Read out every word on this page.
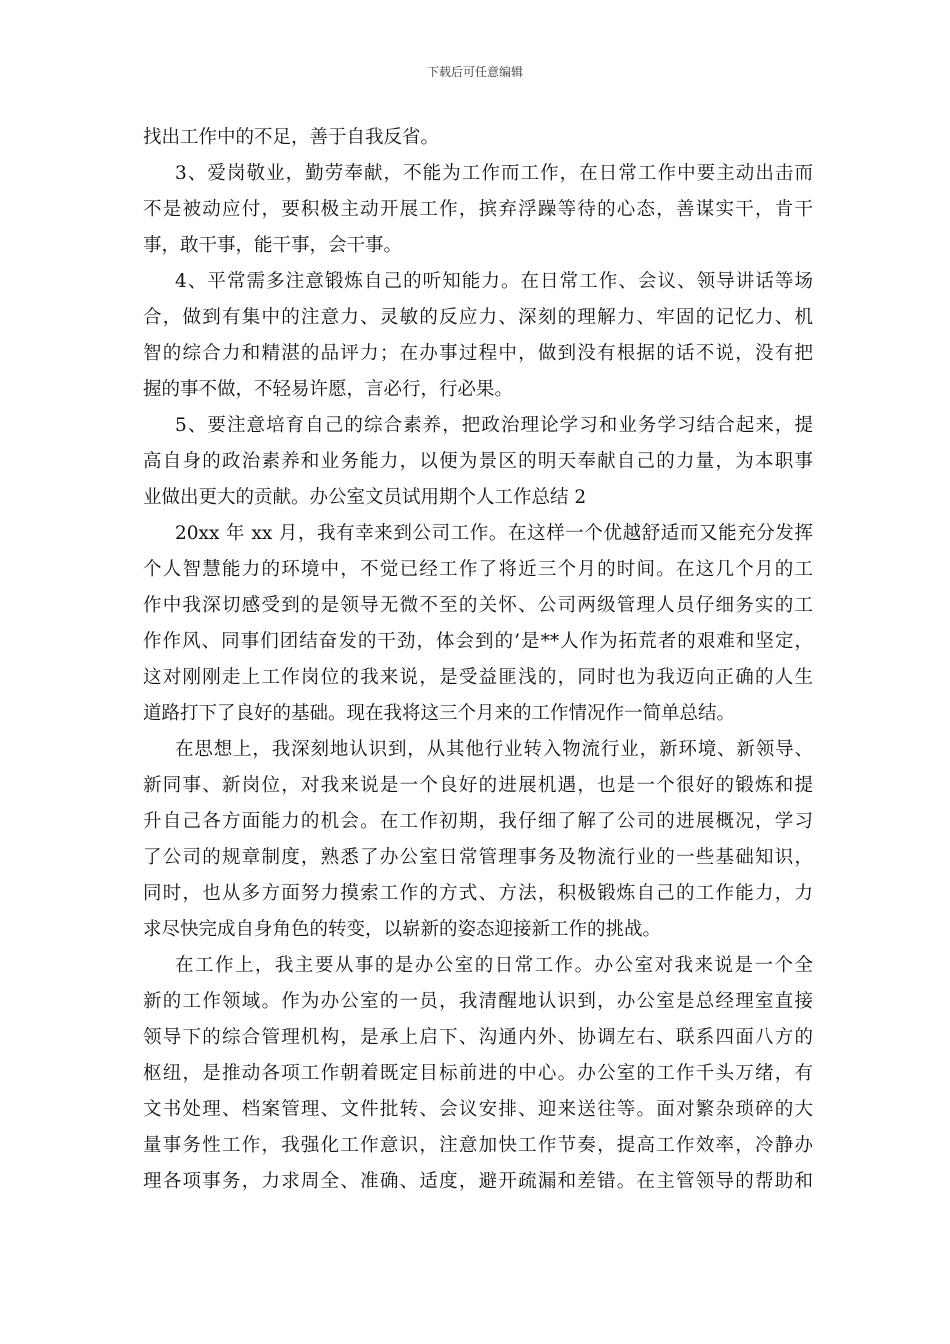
下载后可任意编辑
找出工作中的不足，善于自我反省。
3、爱岗敬业，勤劳奉献，不能为工作而工作，在日常工作中要主动出击而
不是被动应付，要积极主动开展工作，摈弃浮躁等待的心态，善谋实干，肯干
事，敢干事，能干事，会干事。
4、平常需多注意锻炼自己的听知能力。在日常工作、会议、领导讲话等场
合，做到有集中的注意力、灵敏的反应力、深刻的理解力、牢固的记忆力、机
智的综合力和精湛的品评力；在办事过程中，做到没有根据的话不说，没有把
握的事不做，不轻易许愿，言必行，行必果。
5、要注意培育自己的综合素养，把政治理论学习和业务学习结合起来，提
高自身的政治素养和业务能力，以便为景区的明天奉献自己的力量，为本职事
业做出更大的贡献。办公室文员试用期个人工作总结 2
20xx 年 xx 月，我有幸来到公司工作。在这样一个优越舒适而又能充分发挥
个人智慧能力的环境中，不觉已经工作了将近三个月的时间。在这几个月的工
作中我深切感受到的是领导无微不至的关怀、公司两级管理人员仔细务实的工
作作风、同事们团结奋发的干劲，体会到的’是**人作为拓荒者的艰难和坚定，
这对刚刚走上工作岗位的我来说，是受益匪浅的，同时也为我迈向正确的人生
道路打下了良好的基础。现在我将这三个月来的工作情况作一简单总结。
在思想上，我深刻地认识到，从其他行业转入物流行业，新环境、新领导、
新同事、新岗位，对我来说是一个良好的进展机遇，也是一个很好的锻炼和提
升自己各方面能力的机会。在工作初期，我仔细了解了公司的进展概况，学习
了公司的规章制度，熟悉了办公室日常管理事务及物流行业的一些基础知识，
同时，也从多方面努力摸索工作的方式、方法，积极锻炼自己的工作能力，力
求尽快完成自身角色的转变，以崭新的姿态迎接新工作的挑战。
在工作上，我主要从事的是办公室的日常工作。办公室对我来说是一个全
新的工作领域。作为办公室的一员，我清醒地认识到，办公室是总经理室直接
领导下的综合管理机构，是承上启下、沟通内外、协调左右、联系四面八方的
枢纽，是推动各项工作朝着既定目标前进的中心。办公室的工作千头万绪，有
文书处理、档案管理、文件批转、会议安排、迎来送往等。面对繁杂琐碎的大
量事务性工作，我强化工作意识，注意加快工作节奏，提高工作效率，冷静办
理各项事务，力求周全、准确、适度，避开疏漏和差错。在主管领导的帮助和
